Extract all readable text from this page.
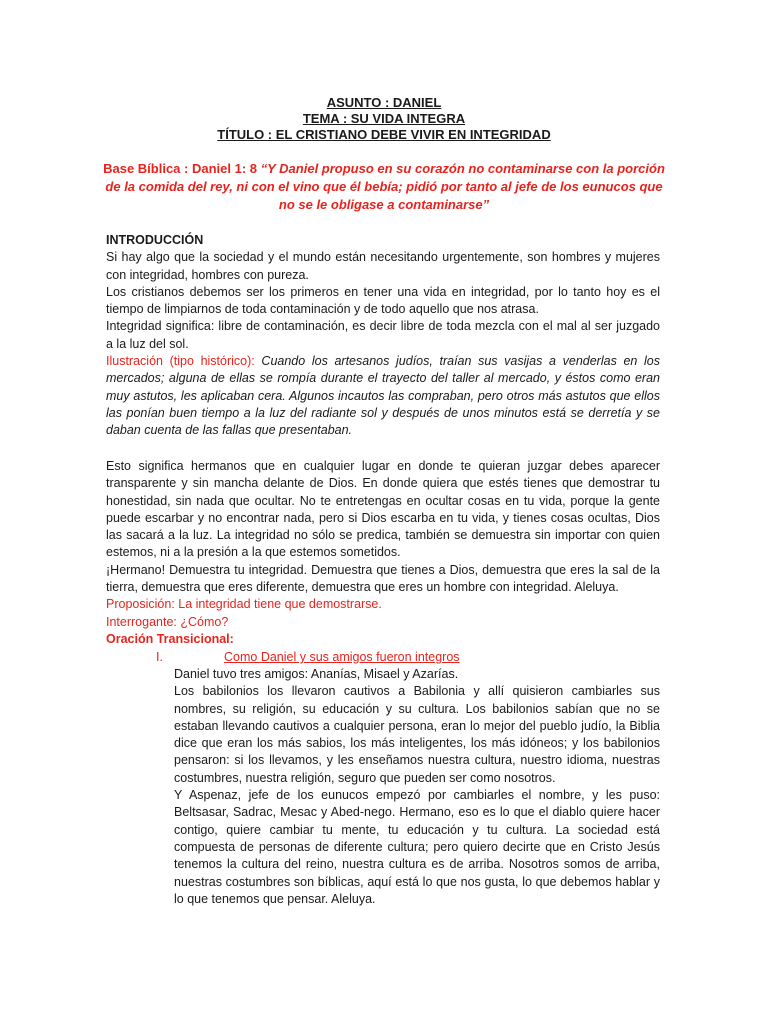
ASUNTO : DANIEL
TEMA : SU VIDA INTEGRA
TÍTULO : EL CRISTIANO DEBE VIVIR EN INTEGRIDAD
Base Bíblica : Daniel 1: 8 “Y Daniel propuso en su corazón no contaminarse con la porción de la comida del rey, ni con el vino que él bebía; pidió por tanto al jefe de los eunucos que no se le obligase a contaminarse”

INTRODUCCIÓN

Si hay algo que la sociedad y el mundo están necesitando urgentemente, son hombres y mujeres con integridad, hombres con pureza.

Los cristianos debemos ser los primeros en tener una vida en integridad, por lo tanto hoy es el tiempo de limpiarnos de toda contaminación y de todo aquello que nos atrasa.

Integridad significa: libre de contaminación, es decir libre de toda mezcla con el mal al ser juzgado a la luz del sol.

Ilustración (tipo histórico): Cuando los artesanos judíos, traían sus vasijas a venderlas en los mercados; alguna de ellas se rompía durante el trayecto del taller al mercado, y éstos como eran muy astutos, les aplicaban cera. Algunos incautos las compraban, pero otros más astutos que ellos las ponían buen tiempo a la luz del radiante sol y después de unos minutos está se derretía y se daban cuenta de las fallas que presentaban.

Esto significa hermanos que en cualquier lugar en donde te quieran juzgar debes aparecer transparente y sin mancha delante de Dios. En donde quiera que estés tienes que demostrar tu honestidad, sin nada que ocultar. No te entretengas en ocultar cosas en tu vida, porque la gente puede escarbar y no encontrar nada, pero si Dios escarba en tu vida, y tienes cosas ocultas, Dios las sacará a la luz. La integridad no sólo se predica, también se demuestra sin importar con quien estemos, ni a la presión a la que estemos sometidos.

¡Hermano! Demuestra tu integridad. Demuestra que tienes a Dios, demuestra que eres la sal de la tierra, demuestra que eres diferente, demuestra que eres un hombre con integridad. Aleluya.

Proposición: La integridad tiene que demostrarse.

Interrogante: ¿Cómo?

Oración Transicional:

I.	Como Daniel y sus amigos fueron integros

Daniel tuvo tres amigos: Ananías, Misael y Azarías.

Los babilonios los llevaron cautivos a Babilonia y allí quisieron cambiarles sus nombres, su religión, su educación y su cultura. Los babilonios sabían que no se estaban llevando cautivos a cualquier persona, eran lo mejor del pueblo judío, la Biblia dice que eran los más sabios, los más inteligentes, los más idóneos; y los babilonios pensaron: si los llevamos, y les enseñamos nuestra cultura, nuestro idioma, nuestras costumbres, nuestra religión, seguro que pueden ser como nosotros.

Y Aspenaz, jefe de los eunucos empezó por cambiarles el nombre, y les puso: Beltsasar, Sadrac, Mesac y Abed-nego. Hermano, eso es lo que el diablo quiere hacer contigo, quiere cambiar tu mente, tu educación y tu cultura. La sociedad está compuesta de personas de diferente cultura; pero quiero decirte que en Cristo Jesús tenemos la cultura del reino, nuestra cultura es de arriba. Nosotros somos de arriba, nuestras costumbres son bíblicas, aquí está lo que nos gusta, lo que debemos hablar y lo que tenemos que pensar. Aleluya.
